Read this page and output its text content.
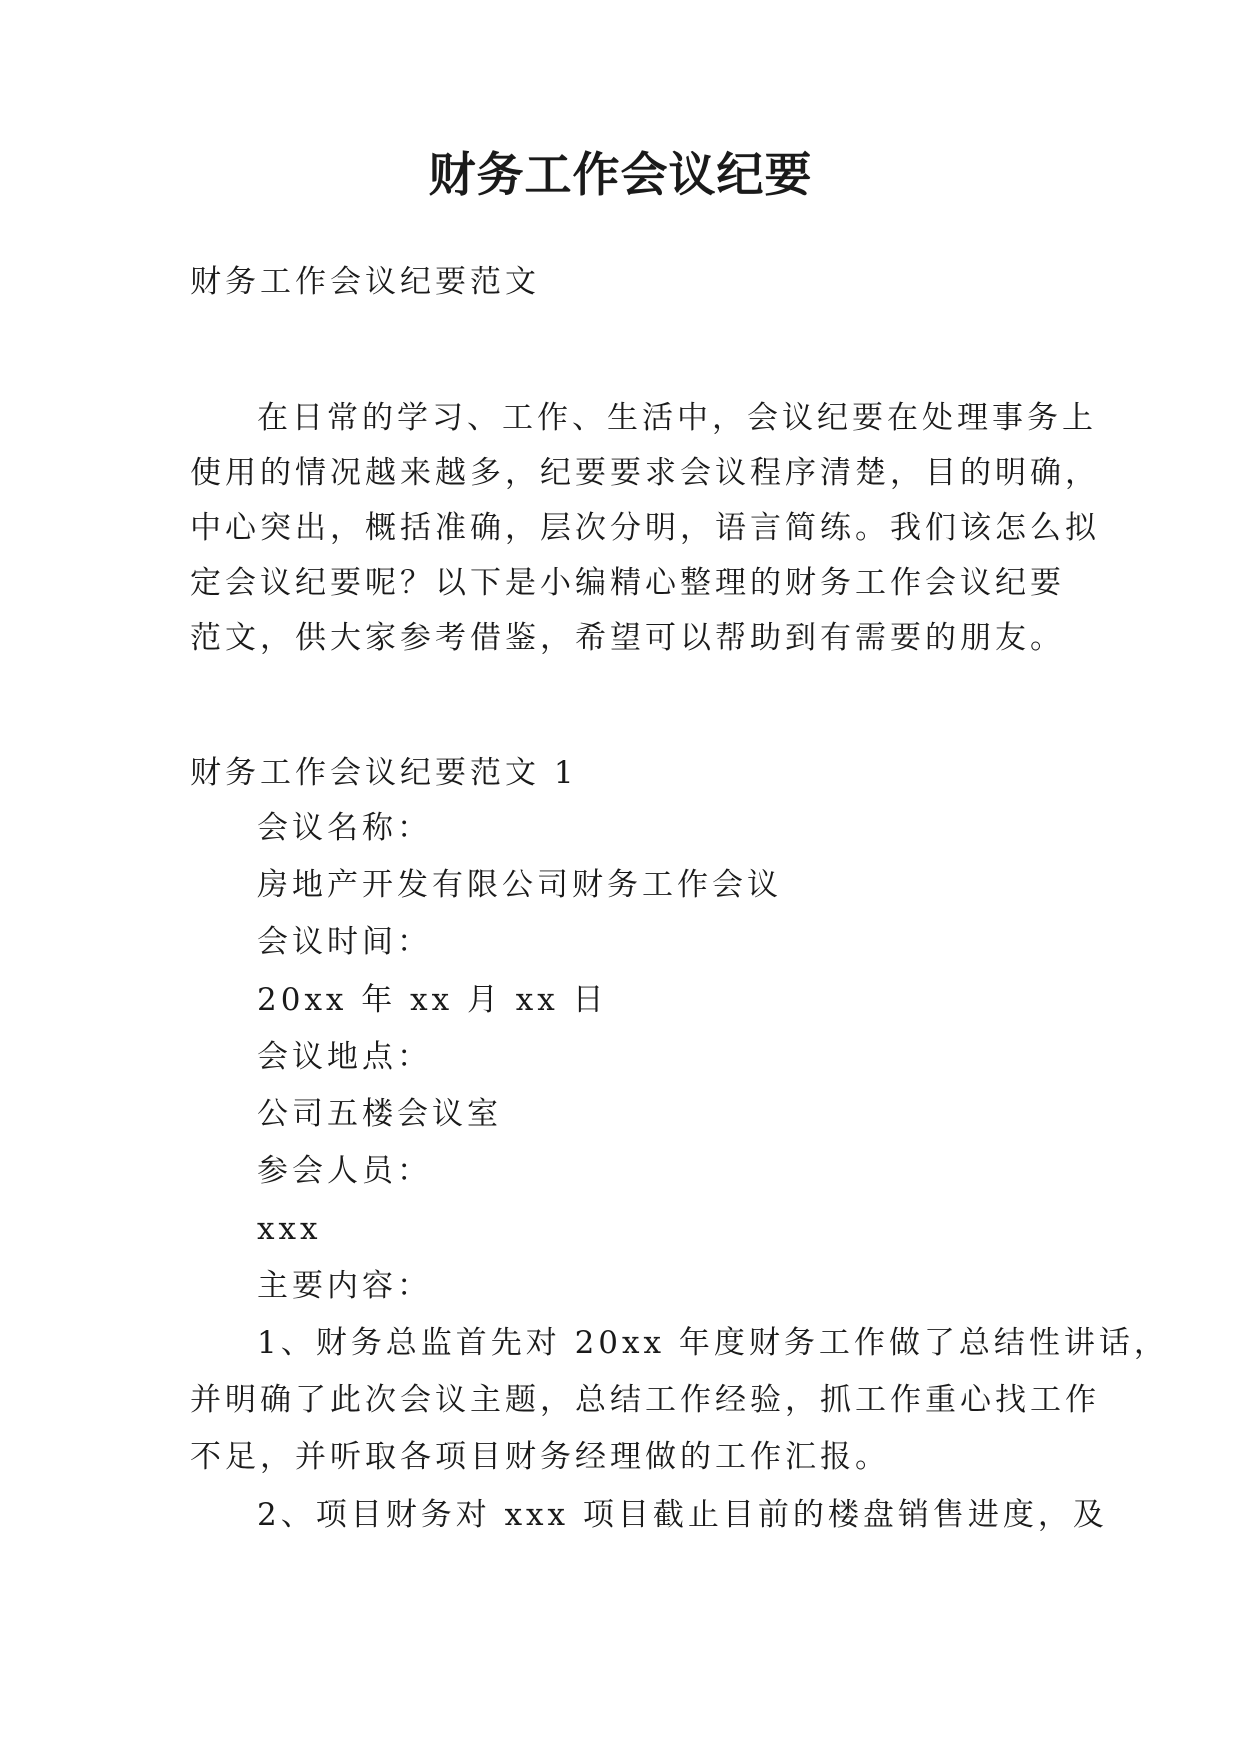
财务工作会议纪要
财务工作会议纪要范文
在日常的学习、工作、生活中，会议纪要在处理事务上
使用的情况越来越多，纪要要求会议程序清楚，目的明确，
中心突出，概括准确，层次分明，语言简练。我们该怎么拟
定会议纪要呢？以下是小编精心整理的财务工作会议纪要
范文，供大家参考借鉴，希望可以帮助到有需要的朋友。
财务工作会议纪要范文 1
会议名称：
房地产开发有限公司财务工作会议
会议时间：
20xx 年 xx 月 xx 日
会议地点：
公司五楼会议室
参会人员：
xxx
主要内容：
1、财务总监首先对 20xx 年度财务工作做了总结性讲话，
并明确了此次会议主题，总结工作经验，抓工作重心找工作
不足，并听取各项目财务经理做的工作汇报。
2、项目财务对 xxx 项目截止目前的楼盘销售进度，及
